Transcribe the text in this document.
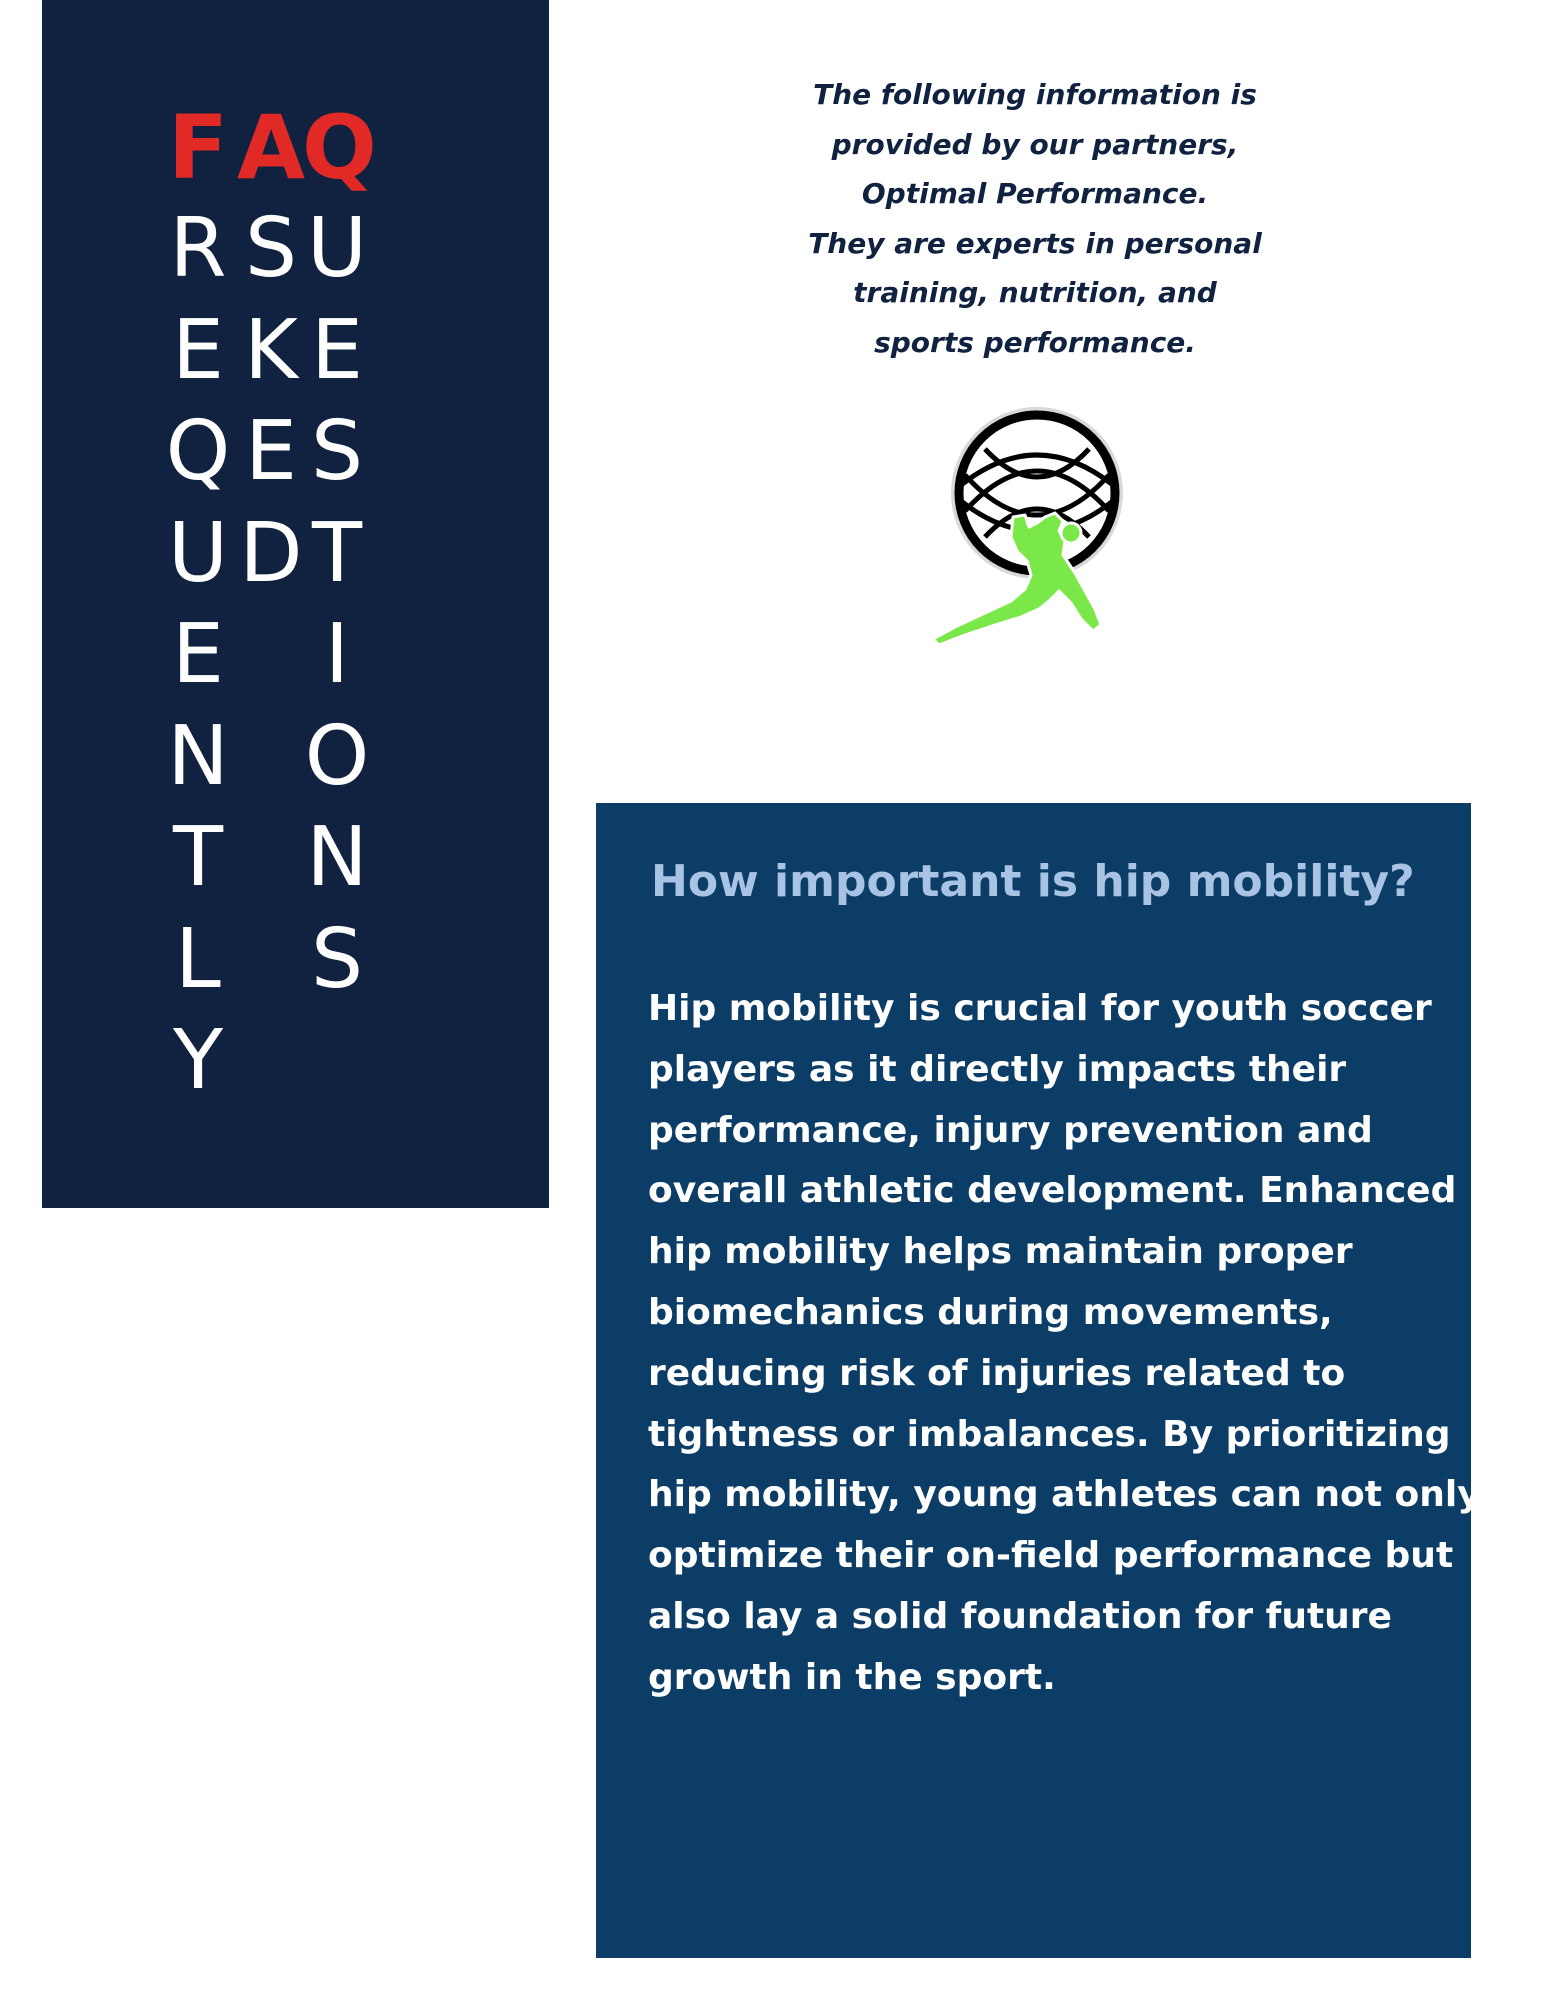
F A
Q
REQUENTLY
SKED
UESTIONS
The following information is
provided by our partners,
Optimal Performance.
They are experts in personal
training, nutrition, and
sports performance.
How important is hip mobility?
Hip mobility is crucial for youth soccer
players as it directly impacts their
performance, injury prevention and
overall athletic development. Enhanced
hip mobility helps maintain proper
biomechanics during movements,
reducing risk of injuries related to
tightness or imbalances. By prioritizing
hip mobility, young athletes can not only
optimize their on-field performance but
also lay a solid foundation for future
growth in the sport.
